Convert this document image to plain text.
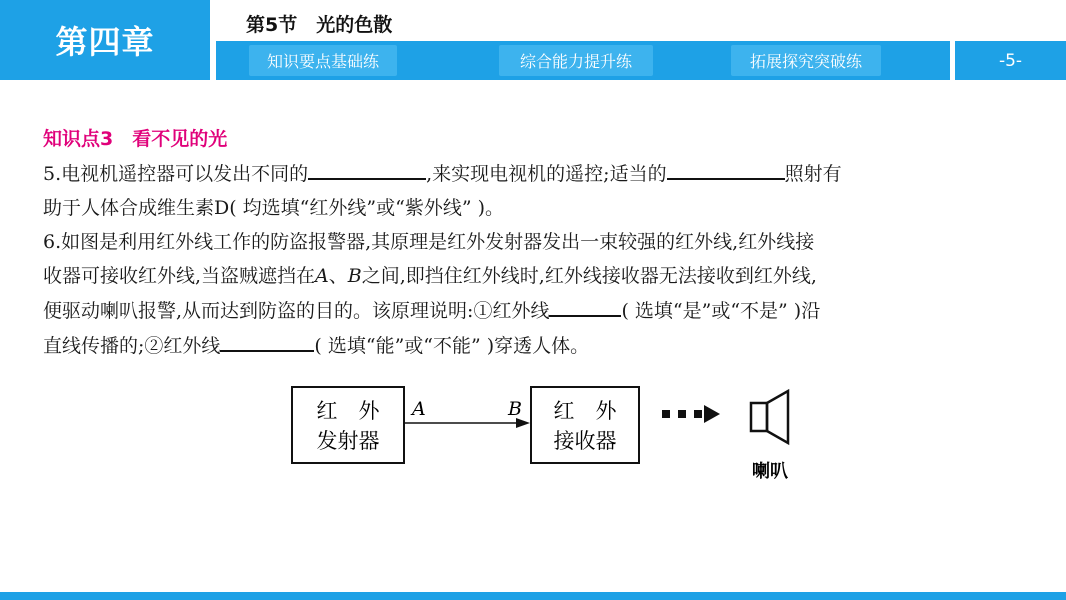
第四章	第5节　光的色散
知识要点基础练	综合能力提升练	拓展探究突破练	-5-
知识点3　看不见的光

5.电视机遥控器可以发出不同的	,来实现电视机的遥控;适当的	照射有

助于人体合成维生素D( 均选填“红外线”或“紫外线” )。

6.如图是利用红外线工作的防盗报警器,其原理是红外发射器发出一束较强的红外线,红外线接

收器可接收红外线,当盗贼遮挡在A、B之间,即挡住红外线时,红外线接收器无法接收到红外线,

便驱动喇叭报警,从而达到防盗的目的。该原理说明:①红外线	( 选填“是”或“不是” )沿

直线传播的;②红外线	( 选填“能”或“不能” )穿透人体。

红　外
发射器
A	B 红　外
接收器
喇叭
